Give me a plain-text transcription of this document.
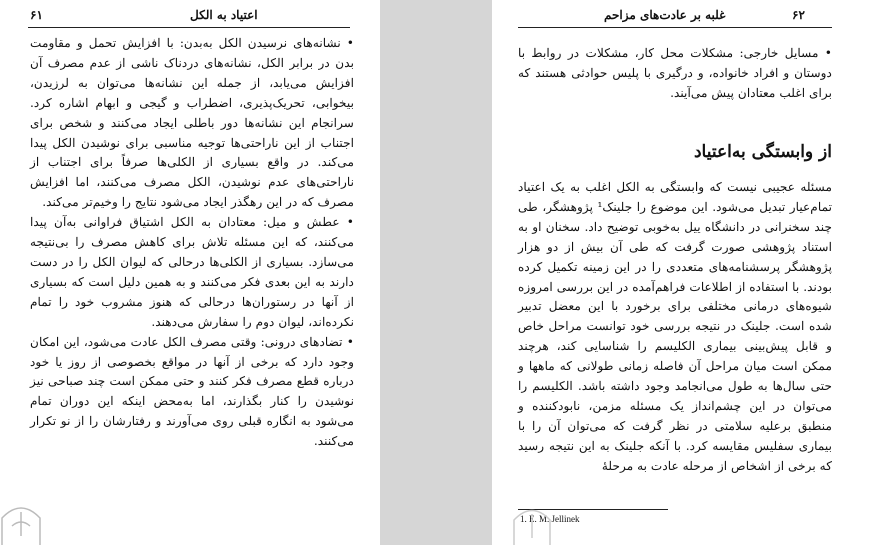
۶۱	اعتیاد به الکل

• نشانه‌های نرسیدن الکل به‌بدن: با افزایش تحمل و مقاومت بدن در برابر الکل، نشانه‌های دردناک ناشی از عدم مصرف آن افزایش می‌یابد، از جمله این نشانه‌ها می‌توان به لرزیدن، بیخوابی، تحریک‌پذیری، اضطراب و گیجی و ابهام اشاره کرد. سرانجام این نشانه‌ها دور باطلی ایجاد می‌کنند و شخص برای اجتناب از این ناراحتی‌ها توجیه مناسبی برای نوشیدن الکل پیدا می‌کند. در واقع بسیاری از الکلی‌ها صرفاً برای اجتناب از ناراحتی‌های عدم نوشیدن، الکل مصرف می‌کنند، اما افزایش مصرف که در این رهگذر ایجاد می‌شود نتایج را وخیم‌تر می‌کند.

• عطش و میل: معتادان به الکل اشتیاق فراوانی به‌آن پیدا می‌کنند، که این مسئله تلاش برای کاهش مصرف را بی‌نتیجه می‌سازد. بسیاری از الکلی‌ها درحالی که لیوان الکل را در دست دارند به این بعدی فکر می‌کنند و به همین دلیل است که بسیاری از آنها در رستوران‌ها درحالی که هنوز مشروب خود را تمام نکرده‌اند، لیوان دوم را سفارش می‌دهند.

• تضادهای درونی: وقتی مصرف الکل عادت می‌شود، این امکان وجود دارد که برخی از آنها در مواقع بخصوصی از روز یا خود درباره قطع مصرف فکر کنند و حتی ممکن است چند صباحی نیز نوشیدن را کنار بگذارند، اما به‌محض اینکه این دوران تمام می‌شود به انگاره قبلی روی می‌آورند و رفتارشان را از نو تکرار می‌کنند.

۶۲
غلبه بر عادت‌های مزاحم
• مسایل خارجی: مشکلات محل کار، مشکلات در روابط با دوستان و افراد خانواده، و درگیری با پلیس حوادثی هستند که برای اغلب معتادان پیش می‌آیند.
از وابستگی به‌اعتیاد
مسئله عجیبی نیست که وابستگی به الکل اغلب به یک اعتیاد تمام‌عیار تبدیل می‌شود. این موضوع را جلینک¹ پژوهشگر، طی چند سخنرانی در دانشگاه ییل به‌خوبی توضیح داد. سخنان او به استناد پژوهشی صورت گرفت که طی آن بیش از دو هزار پژوهشگر پرسشنامه‌های متعددی را در این زمینه تکمیل کرده بودند. با استفاده از اطلاعات فراهم‌آمده در این بررسی امروزه شیوه‌های درمانی مختلفی برای برخورد با این معضل تدبیر شده است. جلینک در نتیجه بررسی خود توانست مراحل خاص و قابل پیش‌بینی بیماری الکلیسم را شناسایی کند، هرچند ممکن است میان مراحل آن فاصله زمانی طولانی که ماهها و حتی سال‌ها به طول می‌انجامد وجود داشته باشد. الکلیسم را می‌توان در این چشم‌انداز یک مسئله مزمن، نابودکننده و منطبق برعلیه سلامتی در نظر گرفت که می‌توان آن را با بیماری سفلیس مقایسه کرد. با آنکه جلینک به این نتیجه رسید که برخی از اشخاص از مرحله عادت به مرحلهٔ
1. E. M. Jellinek
